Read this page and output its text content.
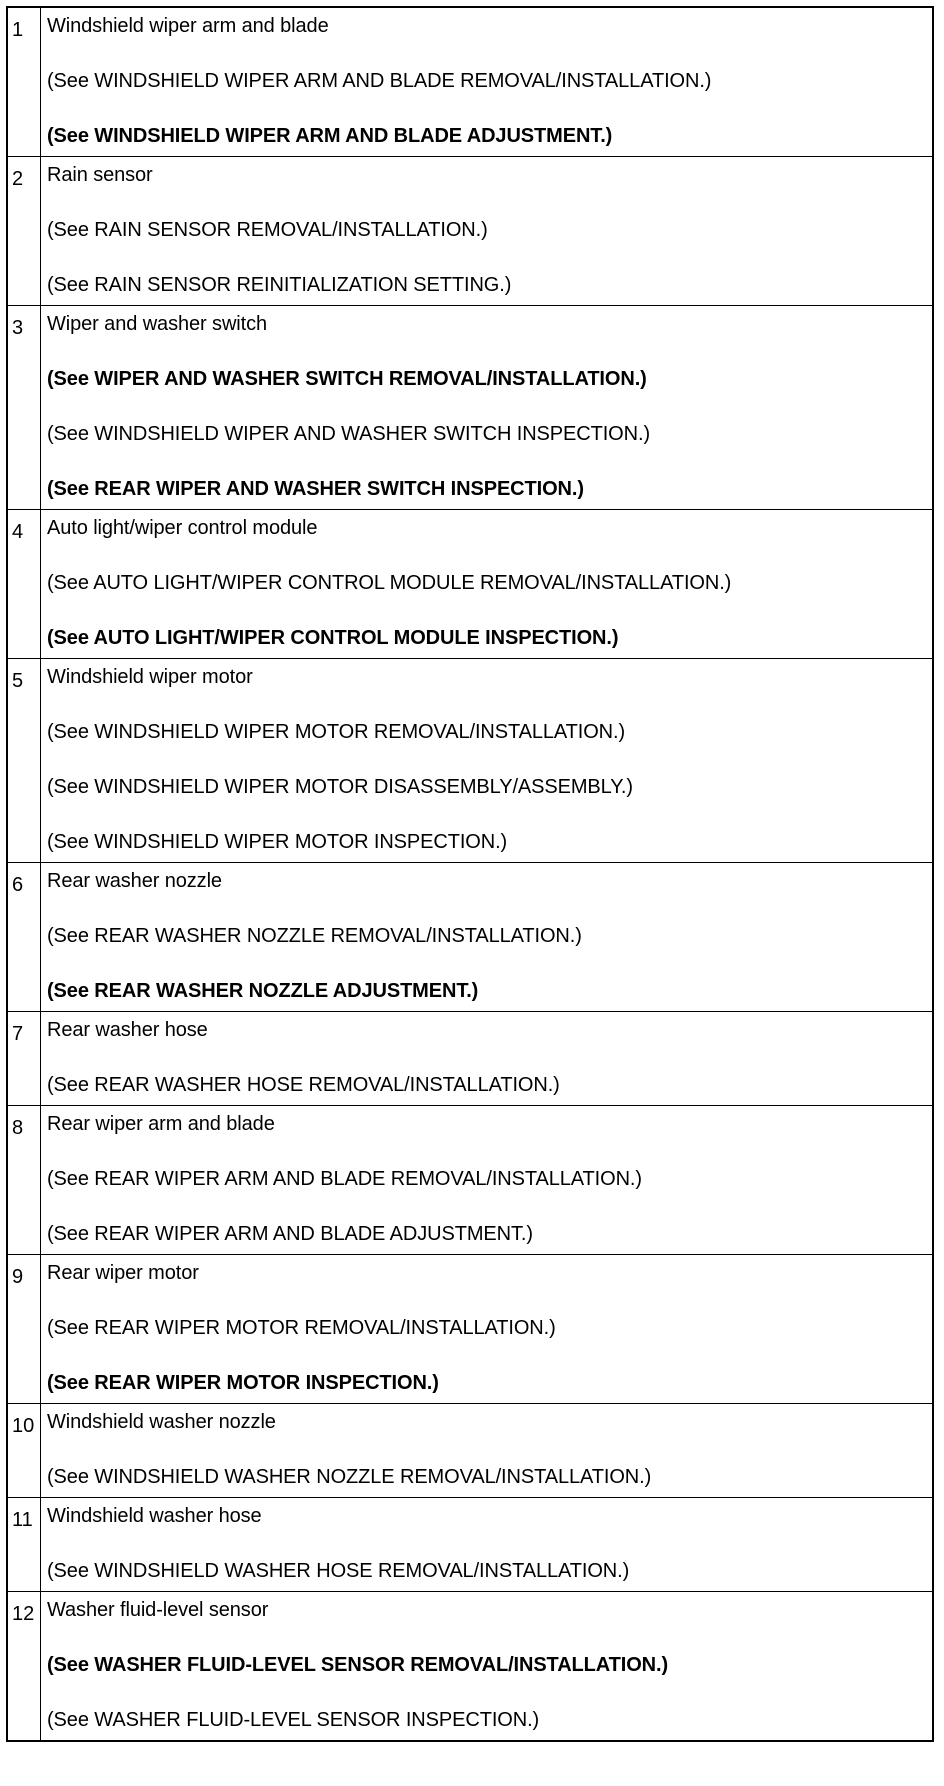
1	Windshield wiper arm and blade
(See WINDSHIELD WIPER ARM AND BLADE REMOVAL/INSTALLATION.)
(See WINDSHIELD WIPER ARM AND BLADE ADJUSTMENT.)
2	Rain sensor
(See RAIN SENSOR REMOVAL/INSTALLATION.)
(See RAIN SENSOR REINITIALIZATION SETTING.)
3	Wiper and washer switch
(See WIPER AND WASHER SWITCH REMOVAL/INSTALLATION.)
(See WINDSHIELD WIPER AND WASHER SWITCH INSPECTION.)
(See REAR WIPER AND WASHER SWITCH INSPECTION.)
4	Auto light/wiper control module
(See AUTO LIGHT/WIPER CONTROL MODULE REMOVAL/INSTALLATION.)
(See AUTO LIGHT/WIPER CONTROL MODULE INSPECTION.)
5	Windshield wiper motor
(See WINDSHIELD WIPER MOTOR REMOVAL/INSTALLATION.)
(See WINDSHIELD WIPER MOTOR DISASSEMBLY/ASSEMBLY.)
(See WINDSHIELD WIPER MOTOR INSPECTION.)
6	Rear washer nozzle
(See REAR WASHER NOZZLE REMOVAL/INSTALLATION.)
(See REAR WASHER NOZZLE ADJUSTMENT.)
7	Rear washer hose
(See REAR WASHER HOSE REMOVAL/INSTALLATION.)
8	Rear wiper arm and blade
(See REAR WIPER ARM AND BLADE REMOVAL/INSTALLATION.)
(See REAR WIPER ARM AND BLADE ADJUSTMENT.)
9	Rear wiper motor
(See REAR WIPER MOTOR REMOVAL/INSTALLATION.)
(See REAR WIPER MOTOR INSPECTION.)
10 Windshield washer nozzle
(See WINDSHIELD WASHER NOZZLE REMOVAL/INSTALLATION.)
11 Windshield washer hose
(See WINDSHIELD WASHER HOSE REMOVAL/INSTALLATION.)
12 Washer fluid-level sensor
(See WASHER FLUID-LEVEL SENSOR REMOVAL/INSTALLATION.)
(See WASHER FLUID-LEVEL SENSOR INSPECTION.)
